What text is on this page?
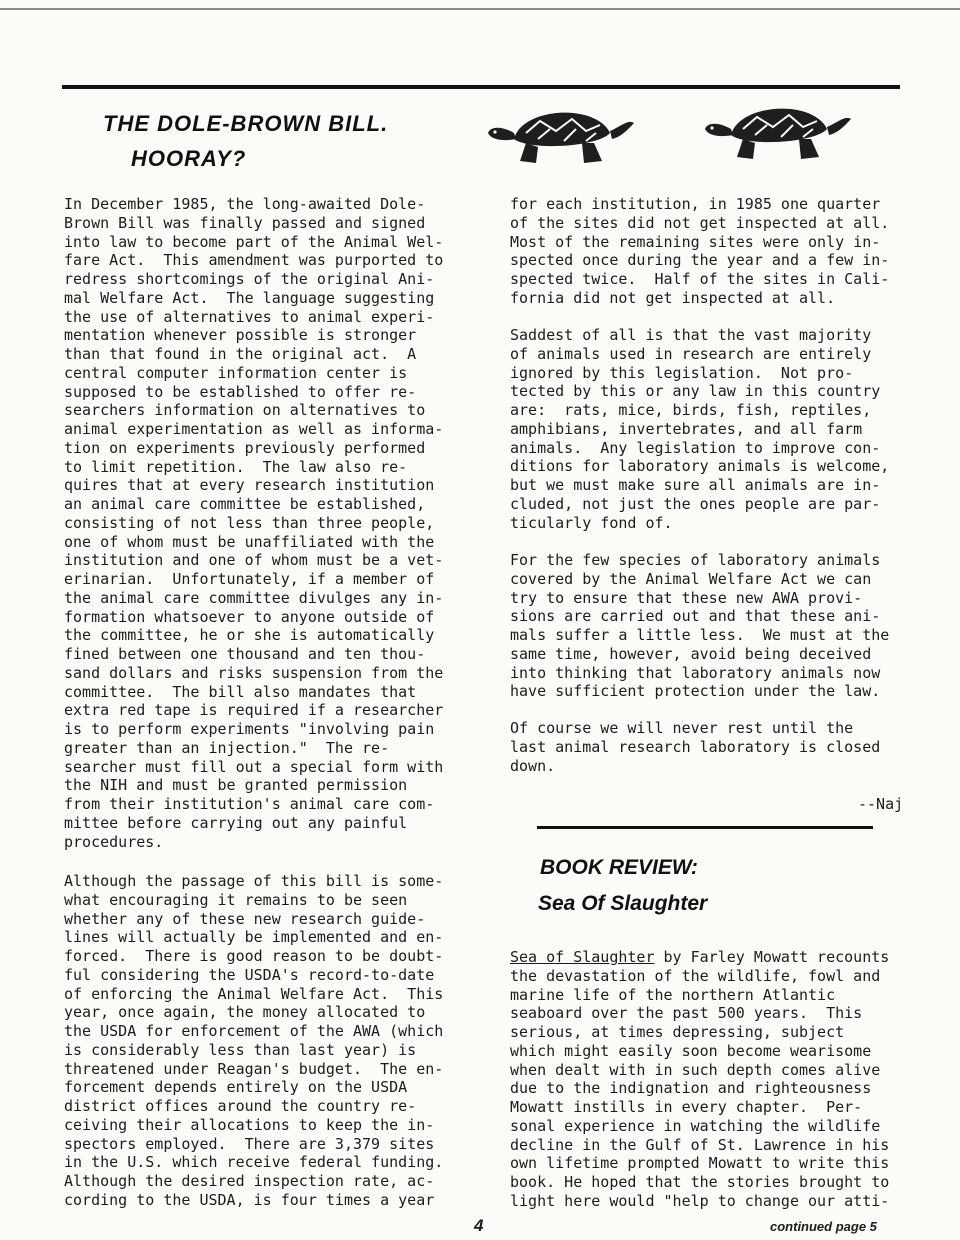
THE DOLE-BROWN BILL.
HOORAY?

In December 1985, the long-awaited Dole-
Brown Bill was finally passed and signed
into law to become part of the Animal Wel-
fare Act.  This amendment was purported to
redress shortcomings of the original Ani-
mal Welfare Act.  The language suggesting
the use of alternatives to animal experi-
mentation whenever possible is stronger
than that found in the original act.  A
central computer information center is
supposed to be established to offer re-
searchers information on alternatives to
animal experimentation as well as informa-
tion on experiments previously performed
to limit repetition.  The law also re-
quires that at every research institution
an animal care committee be established,
consisting of not less than three people,
one of whom must be unaffiliated with the
institution and one of whom must be a vet-
erinarian.  Unfortunately, if a member of
the animal care committee divulges any in-
formation whatsoever to anyone outside of
the committee, he or she is automatically
fined between one thousand and ten thou-
sand dollars and risks suspension from the
committee.  The bill also mandates that
extra red tape is required if a researcher
is to perform experiments "involving pain
greater than an injection."  The re-
searcher must fill out a special form with
the NIH and must be granted permission
from their institution's animal care com-
mittee before carrying out any painful
procedures.

Although the passage of this bill is some-
what encouraging it remains to be seen
whether any of these new research guide-
lines will actually be implemented and en-
forced.  There is good reason to be doubt-
ful considering the USDA's record-to-date
of enforcing the Animal Welfare Act.  This
year, once again, the money allocated to
the USDA for enforcement of the AWA (which
is considerably less than last year) is
threatened under Reagan's budget.  The en-
forcement depends entirely on the USDA
district offices around the country re-
ceiving their allocations to keep the in-
spectors employed.  There are 3,379 sites
in the U.S. which receive federal funding.
Although the desired inspection rate, ac-
cording to the USDA, is four times a year

for each institution, in 1985 one quarter
of the sites did not get inspected at all.
Most of the remaining sites were only in-
spected once during the year and a few in-
spected twice.  Half of the sites in Cali-
fornia did not get inspected at all.

Saddest of all is that the vast majority
of animals used in research are entirely
ignored by this legislation.  Not pro-
tected by this or any law in this country
are:  rats, mice, birds, fish, reptiles,
amphibians, invertebrates, and all farm
animals.  Any legislation to improve con-
ditions for laboratory animals is welcome,
but we must make sure all animals are in-
cluded, not just the ones people are par-
ticularly fond of.

For the few species of laboratory animals
covered by the Animal Welfare Act we can
try to ensure that these new AWA provi-
sions are carried out and that these ani-
mals suffer a little less.  We must at the
same time, however, avoid being deceived
into thinking that laboratory animals now
have sufficient protection under the law.

Of course we will never rest until the
last animal research laboratory is closed
down.

--Naj
BOOK REVIEW:
Sea Of Slaughter

Sea of Slaughter by Farley Mowatt recounts
the devastation of the wildlife, fowl and
marine life of the northern Atlantic
seaboard over the past 500 years.  This
serious, at times depressing, subject
which might easily soon become wearisome
when dealt with in such depth comes alive
due to the indignation and righteousness
Mowatt instills in every chapter.  Per-
sonal experience in watching the wildlife
decline in the Gulf of St. Lawrence in his
own lifetime prompted Mowatt to write this
book. He hoped that the stories brought to
light here would "help to change our atti-

4	continued page 5
